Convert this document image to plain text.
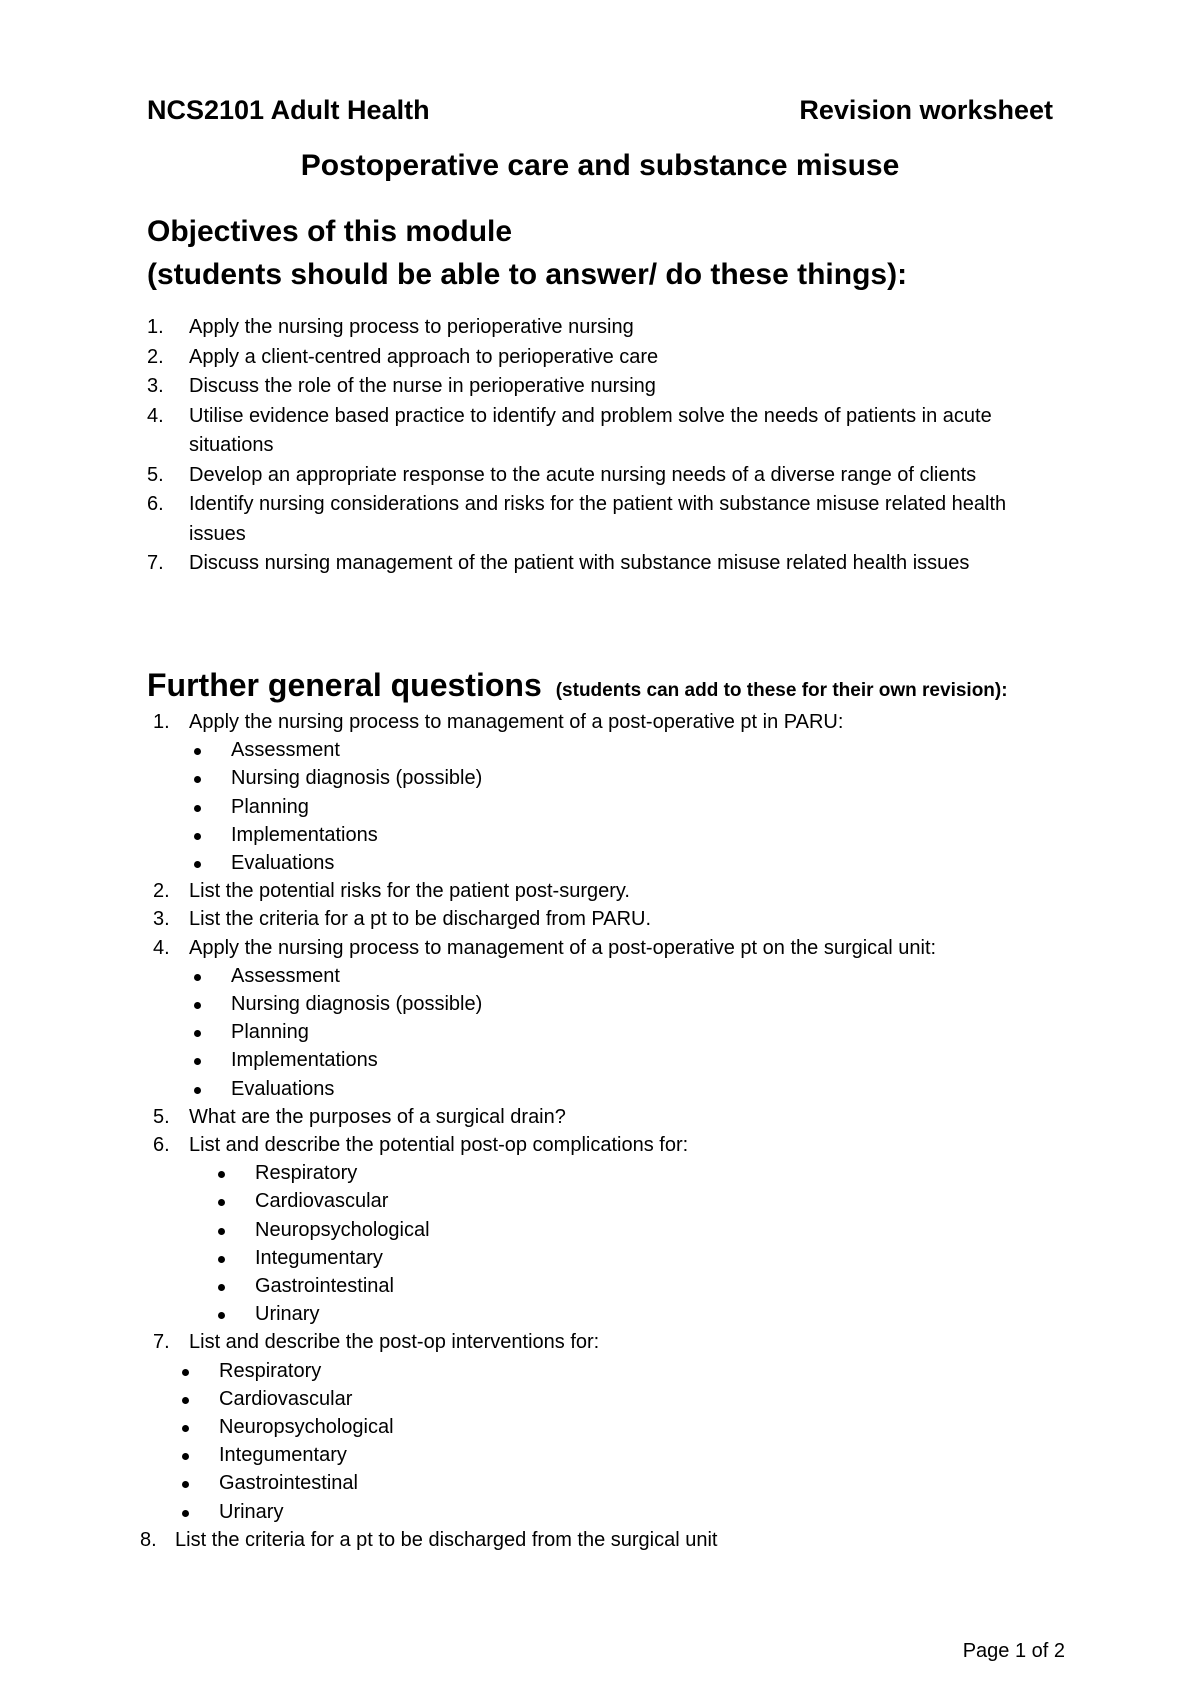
NCS2101 Adult Health	Revision worksheet
Postoperative care and substance misuse
Objectives of this module
(students should be able to answer/ do these things):
1. Apply the nursing process to perioperative nursing
2. Apply a client-centred approach to perioperative care
3. Discuss the role of the nurse in perioperative nursing
4. Utilise evidence based practice to identify and problem solve the needs of patients in acute situations
5. Develop an appropriate response to the acute nursing needs of a diverse range of clients
6. Identify nursing considerations and risks for the patient with substance misuse related health issues
7. Discuss nursing management of the patient with substance misuse related health issues
Further general questions (students can add to these for their own revision):
1. Apply the nursing process to management of a post-operative pt in PARU:
Assessment
Nursing diagnosis (possible)
Planning
Implementations
Evaluations
2. List the potential risks for the patient post-surgery.
3. List the criteria for a pt to be discharged from PARU.
4. Apply the nursing process to management of a post-operative pt on the surgical unit:
Assessment
Nursing diagnosis (possible)
Planning
Implementations
Evaluations
5. What are the purposes of a surgical drain?
6. List and describe the potential post-op complications for:
Respiratory
Cardiovascular
Neuropsychological
Integumentary
Gastrointestinal
Urinary
7. List and describe the post-op interventions for:
Respiratory
Cardiovascular
Neuropsychological
Integumentary
Gastrointestinal
Urinary
8. List the criteria for a pt to be discharged from the surgical unit
Page 1 of 2
